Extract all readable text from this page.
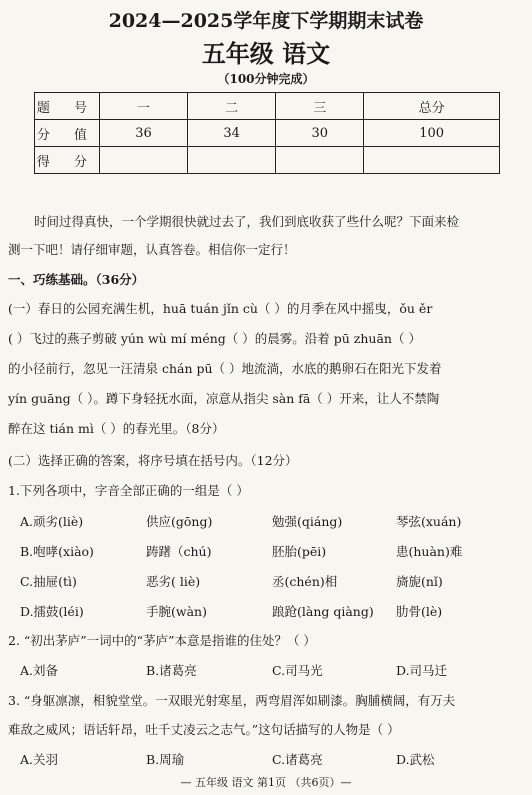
2024—2025学年度下学期期末试卷
五年级 语文
（100分钟完成）
题 号	一	二	三	总分
分 值	36	34	30	100
得 分				
时间过得真快，一个学期很快就过去了，我们到底收获了些什么呢？下面来检
测一下吧！请仔细审题，认真答卷。相信你一定行！
一、巧练基础。（36分）
(一）春日的公园充满生机，huā tuán jǐn cù（ ）的月季在风中摇曳，ǒu ěr
( ）飞过的燕子剪破 yún wù mí méng（ ）的晨雾。沿着 pū zhuān（ ）
的小径前行，忽见一汪清泉 chán pū（ ）地流淌，水底的鹅卵石在阳光下发着
yín guāng（ ）。蹲下身轻抚水面，凉意从指尖 sàn fā（ ）开来，让人不禁陶
醉在这 tián mì（ ）的春光里。（8分）
(二）选择正确的答案，将序号填在括号内。（12分）
1.下列各项中，字音全部正确的一组是（ ）
A.顽劣(liè)	供应(gōng)	勉强(qiáng)	琴弦(xuán)
B.咆哮(xiào)	踌躇（chú)	胚胎(pēi)	患(huàn)难
C.抽屉(tì)	恶劣( liè)	丞(chén)相	旖旎(nǐ)
D.擂鼓(léi)	手腕(wàn)	踉跄(làng qiàng) 肋骨(lè)
2. “初出茅庐”一词中的“茅庐”本意是指谁的住处？（ ）
A.刘备	B.诸葛亮	C.司马光	D.司马迁
3. “身躯凛凛，相貌堂堂。一双眼光射寒星，两弯眉浑如刷漆。胸脯横阔，有万夫
难敌之威风；语话轩昂，吐千丈凌云之志气。”这句话描写的人物是（ ）
A.关羽	B.周瑜	C.诸葛亮	D.武松
— 五年级 语文 第1页 （共6页）—
